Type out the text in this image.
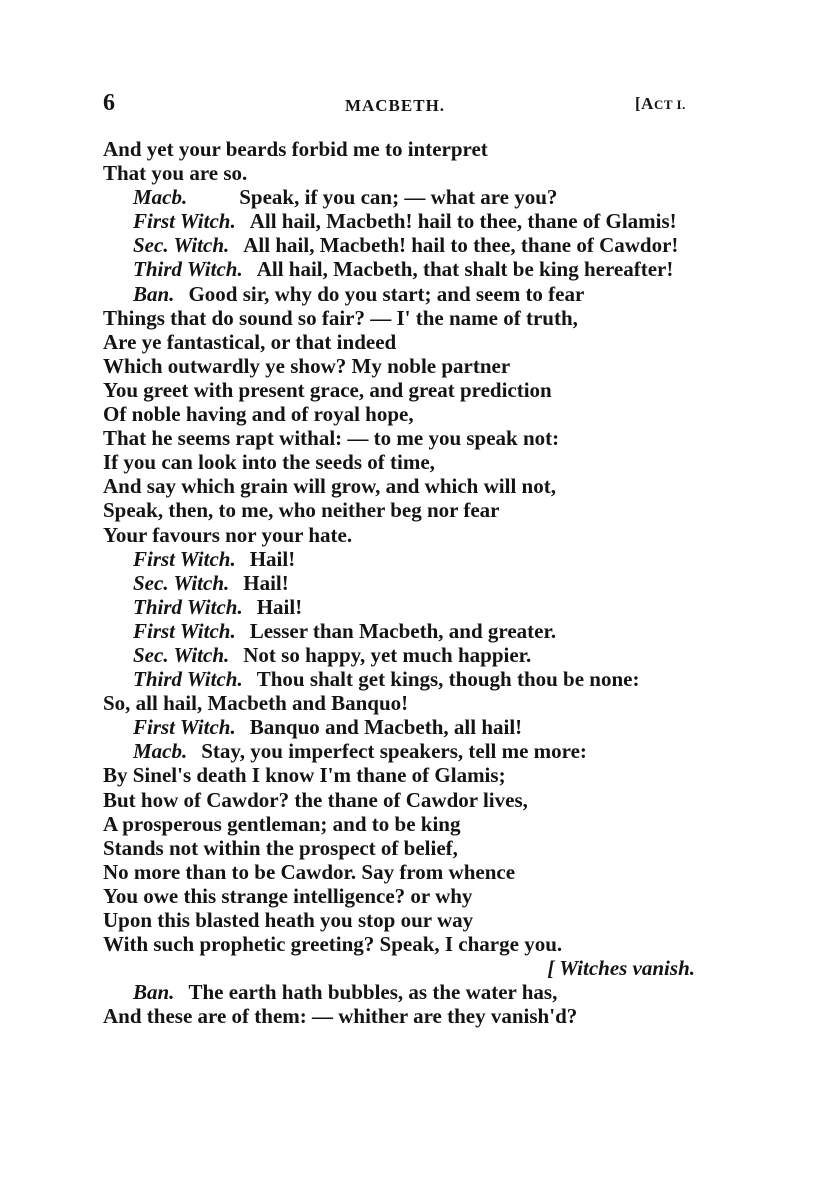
6	MACBETH.	[ACT I.
And yet your beards forbid me to interpret
That you are so.
Macb. Speak, if you can; — what are you?
First Witch. All hail, Macbeth! hail to thee, thane of Glamis!
Sec. Witch. All hail, Macbeth! hail to thee, thane of Cawdor!
Third Witch. All hail, Macbeth, that shalt be king hereafter!
Ban. Good sir, why do you start; and seem to fear
Things that do sound so fair? — I' the name of truth,
Are ye fantastical, or that indeed
Which outwardly ye show? My noble partner
You greet with present grace, and great prediction
Of noble having and of royal hope,
That he seems rapt withal: — to me you speak not:
If you can look into the seeds of time,
And say which grain will grow, and which will not,
Speak, then, to me, who neither beg nor fear
Your favours nor your hate.
First Witch. Hail!
Sec. Witch. Hail!
Third Witch. Hail!
First Witch. Lesser than Macbeth, and greater.
Sec. Witch. Not so happy, yet much happier.
Third Witch. Thou shalt get kings, though thou be none:
So, all hail, Macbeth and Banquo!
First Witch. Banquo and Macbeth, all hail!
Macb. Stay, you imperfect speakers, tell me more:
By Sinel's death I know I'm thane of Glamis;
But how of Cawdor? the thane of Cawdor lives,
A prosperous gentleman; and to be king
Stands not within the prospect of belief,
No more than to be Cawdor. Say from whence
You owe this strange intelligence? or why
Upon this blasted heath you stop our way
With such prophetic greeting? Speak, I charge you.
[ Witches vanish.
Ban. The earth hath bubbles, as the water has,
And these are of them: — whither are they vanish'd?
